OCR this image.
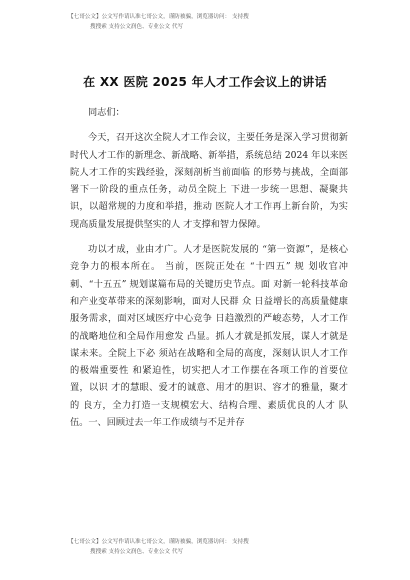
【七哥公文】公文写作请认准七哥公文，谨防被骗，浏览器访问： 支持搜
搜搜索 支持公文润色、专业公文 代写
在 XX 医院 2025 年人才工作会议上的讲话
同志们：

今天，召开这次全院人才工作会议，主要任务是深入学习贯彻新时代人才工作的新理念、新战略、新举措，系统总结 2024 年以来医院人才工作的实践经验，深刻剖析当前面临 的形势与挑战，全面部署下一阶段的重点任务，动员全院上 下进一步统一思想、凝聚共识，以超常规的力度和举措，推动 医院人才工作再上新台阶，为实现高质量发展提供坚实的人 才支撑和智力保障。

功以才成，业由才广。人才是医院发展的 “第一资源”，是核心竞争力的根本所在。 当前，医院正处在 “十四五” 规 划收官冲刺、“十五五” 规划谋篇布局的关键历史节点。面 对新一轮科技革命和产业变革带来的深刻影响，面对人民群 众 日益增长的高质量健康服务需求，面对区域医疗中心竞争 日趋激烈的严峻态势，人才工作的战略地位和全局作用愈发 凸显。抓人才就是抓发展，谋人才就是谋未来。全院上下必 须站在战略和全局的高度，深刻认识人才工作的极端重要性 和紧迫性，切实把人才工作摆在各项工作的首要位置，以识 才的慧眼、爱才的诚意、用才的胆识、容才的雅量，聚才的 良方，全力打造一支规模宏大、结构合理、素质优良的人才 队伍。一、回顾过去一年工作成绩与不足并存

【七哥公文】公文写作请认准七哥公文，谨防被骗，浏览器访问： 支持搜
搜搜索 支持公文润色、专业公文 代写
